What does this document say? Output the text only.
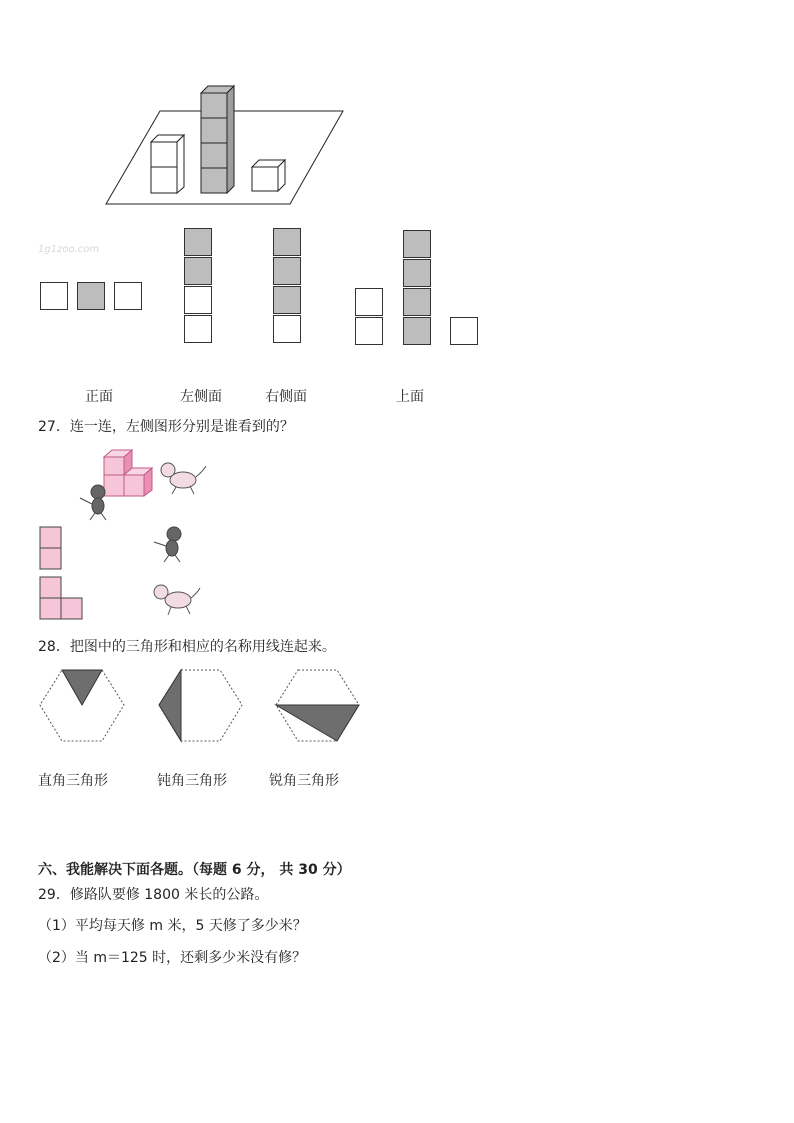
1g1zoo.com
正面	左侧面	右侧面	上面
27．连一连，左侧图形分别是谁看到的？
28．把图中的三角形和相应的名称用线连起来。
直角三角形	钝角三角形	锐角三角形
六、我能解决下面各题。（每题 6 分， 共 30 分）
29．修路队要修 1800 米长的公路。
（1）平均每天修 m 米，5 天修了多少米？
（2）当 m＝125 时，还剩多少米没有修？
